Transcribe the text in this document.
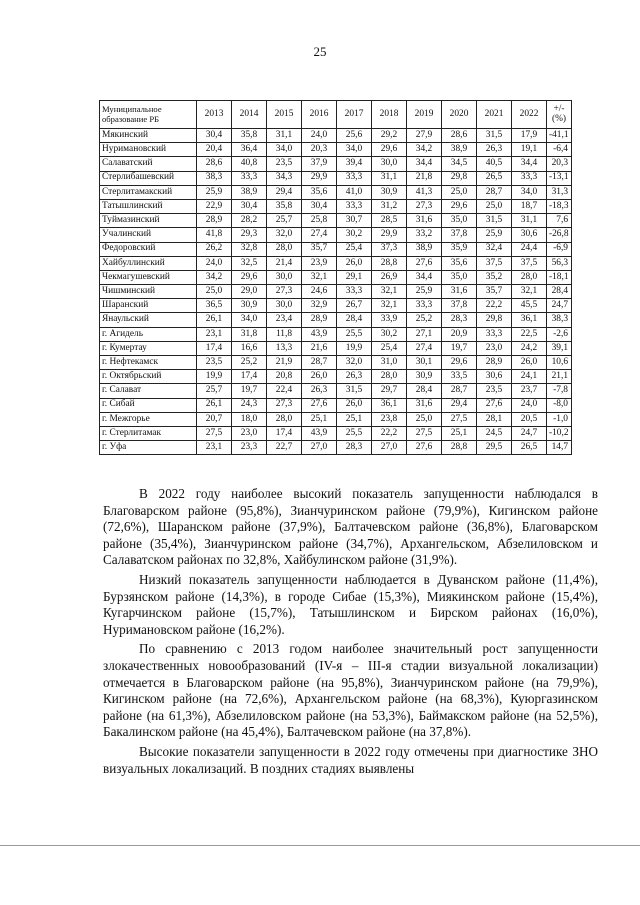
25
Муниципальное образование РБ	2013	2014	2015	2016	2017	2018	2019	2020	2021	2022	+/- (%)
Мякинский	30,4	35,8	31,1	24,0	25,6	29,2	27,9	28,6	31,5	17,9	-41,1
Нуримановский	20,4	36,4	34,0	20,3	34,0	29,6	34,2	38,9	26,3	19,1	-6,4
Салаватский	28,6	40,8	23,5	37,9	39,4	30,0	34,4	34,5	40,5	34,4	20,3
Стерлибашевский	38,3	33,3	34,3	29,9	33,3	31,1	21,8	29,8	26,5	33,3	-13,1
Стерлитамакский	25,9	38,9	29,4	35,6	41,0	30,9	41,3	25,0	28,7	34,0	31,3
Татышлинский	22,9	30,4	35,8	30,4	33,3	31,2	27,3	29,6	25,0	18,7	-18,3
Туймазинский	28,9	28,2	25,7	25,8	30,7	28,5	31,6	35,0	31,5	31,1	7,6
Учалинский	41,8	29,3	32,0	27,4	30,2	29,9	33,2	37,8	25,9	30,6	-26,8
Федоровский	26,2	32,8	28,0	35,7	25,4	37,3	38,9	35,9	32,4	24,4	-6,9
Хайбуллинский	24,0	32,5	21,4	23,9	26,0	28,8	27,6	35,6	37,5	37,5	56,3
Чекмагушевский	34,2	29,6	30,0	32,1	29,1	26,9	34,4	35,0	35,2	28,0	-18,1
Чишминский	25,0	29,0	27,3	24,6	33,3	32,1	25,9	31,6	35,7	32,1	28,4
Шаранский	36,5	30,9	30,0	32,9	26,7	32,1	33,3	37,8	22,2	45,5	24,7
Янаульский	26,1	34,0	23,4	28,9	28,4	33,9	25,2	28,3	29,8	36,1	38,3
г. Агидель	23,1	31,8	11,8	43,9	25,5	30,2	27,1	20,9	33,3	22,5	-2,6
г. Кумертау	17,4	16,6	13,3	21,6	19,9	25,4	27,4	19,7	23,0	24,2	39,1
г. Нефтекамск	23,5	25,2	21,9	28,7	32,0	31,0	30,1	29,6	28,9	26,0	10,6
г. Октябрьский	19,9	17,4	20,8	26,0	26,3	28,0	30,9	33,5	30,6	24,1	21,1
г. Салават	25,7	19,7	22,4	26,3	31,5	29,7	28,4	28,7	23,5	23,7	-7,8
г. Сибай	26,1	24,3	27,3	27,6	26,0	36,1	31,6	29,4	27,6	24,0	-8,0
г. Межгорье	20,7	18,0	28,0	25,1	25,1	23,8	25,0	27,5	28,1	20,5	-1,0
г. Стерлитамак	27,5	23,0	17,4	43,9	25,5	22,2	27,5	25,1	24,5	24,7	-10,2
г. Уфа	23,1	23,3	22,7	27,0	28,3	27,0	27,6	28,8	29,5	26,5	14,7

В 2022 году наиболее высокий показатель запущенности наблюдался в Благоварском районе (95,8%), Зианчуринском районе (79,9%), Кигинском районе (72,6%), Шаранском районе (37,9%), Балтачевском районе (36,8%), Благоварском районе (35,4%), Зианчуринском районе (34,7%), Архангельском, Абзелиловском и Салаватском районах по 32,8%, Хайбулинском районе (31,9%).

Низкий показатель запущенности наблюдается в Дуванском районе (11,4%), Бурзянском районе (14,3%), в городе Сибае (15,3%), Миякинском районе (15,4%), Кугарчинском районе (15,7%), Татышлинском и Бирском районах (16,0%), Нуримановском районе (16,2%).

По сравнению с 2013 годом наиболее значительный рост запущенности злокачественных новообразований (IV-я – III-я стадии визуальной локализации) отмечается в Благоварском районе (на 95,8%), Зианчуринском районе (на 79,9%), Кигинском районе (на 72,6%), Архангельском районе (на 68,3%), Куюргазинском районе (на 61,3%), Абзелиловском районе (на 53,3%), Баймакском районе (на 52,5%), Бакалинском районе (на 45,4%), Балтачевском районе (на 37,8%).

Высокие показатели запущенности в 2022 году отмечены при диагностике ЗНО визуальных локализаций. В поздних стадиях выявлены
